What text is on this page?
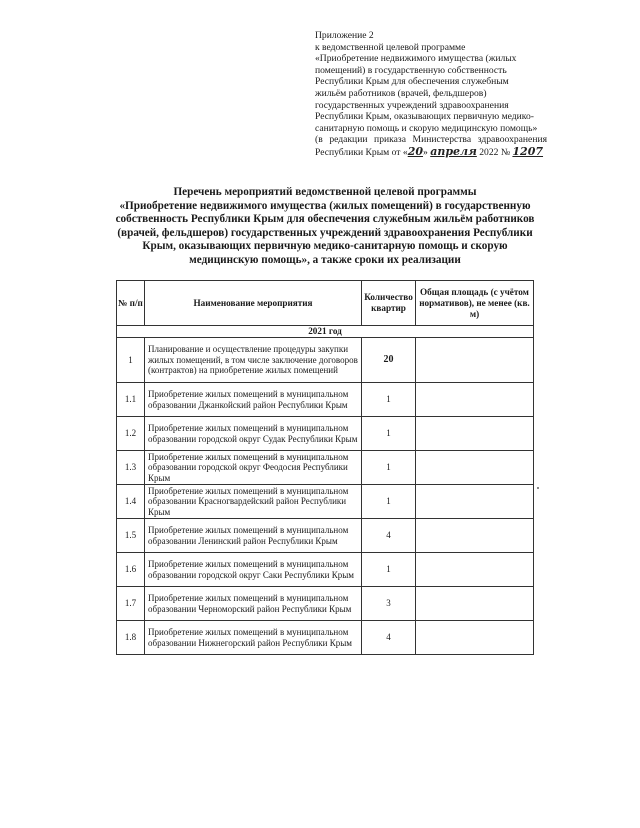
Приложение 2
к ведомственной целевой программе
«Приобретение недвижимого имущества (жилых
помещений) в государственную собственность
Республики Крым для обеспечения служебным
жильём работников (врачей, фельдшеров)
государственных учреждений здравоохранения
Республики Крым, оказывающих первичную медико-
санитарную помощь и скорую медицинскую помощь»
(в редакции приказа Министерства здравоохранения
Республики Крым от «20» апреля 2022 № 1207
Перечень мероприятий ведомственной целевой программы
«Приобретение недвижимого имущества (жилых помещений) в государственную
собственность Республики Крым для обеспечения служебным жильём работников
(врачей, фельдшеров) государственных учреждений здравоохранения Республики
Крым, оказывающих первичную медико-санитарную помощь и скорую
медицинскую помощь», а также сроки их реализации
№ п/п	Наименование мероприятия	Количество квартир	Общая площадь (с учётом нормативов), не менее (кв. м)
2021 год			
1	Планирование и осуществление процедуры закупки жилых помещений, в том числе заключение договоров (контрактов) на приобретение жилых помещений	20	
1.1	Приобретение жилых помещений в муниципальном образовании Джанкойский район Республики Крым	1	
1.2	Приобретение жилых помещений в муниципальном образовании городской округ Судак Республики Крым	1	
1.3	Приобретение жилых помещений в муниципальном образовании городской округ Феодосия Республики Крым	1	
1.4	Приобретение жилых помещений в муниципальном образовании Красногвардейский район Республики Крым	1	
1.5	Приобретение жилых помещений в муниципальном образовании Ленинский район Республики Крым	4	
1.6	Приобретение жилых помещений в муниципальном образовании городской округ Саки Республики Крым	1	
1.7	Приобретение жилых помещений в муниципальном образовании Черноморский район Республики Крым	3	
1.8	Приобретение жилых помещений в муниципальном образовании Нижнегорский район Республики Крым	4	
